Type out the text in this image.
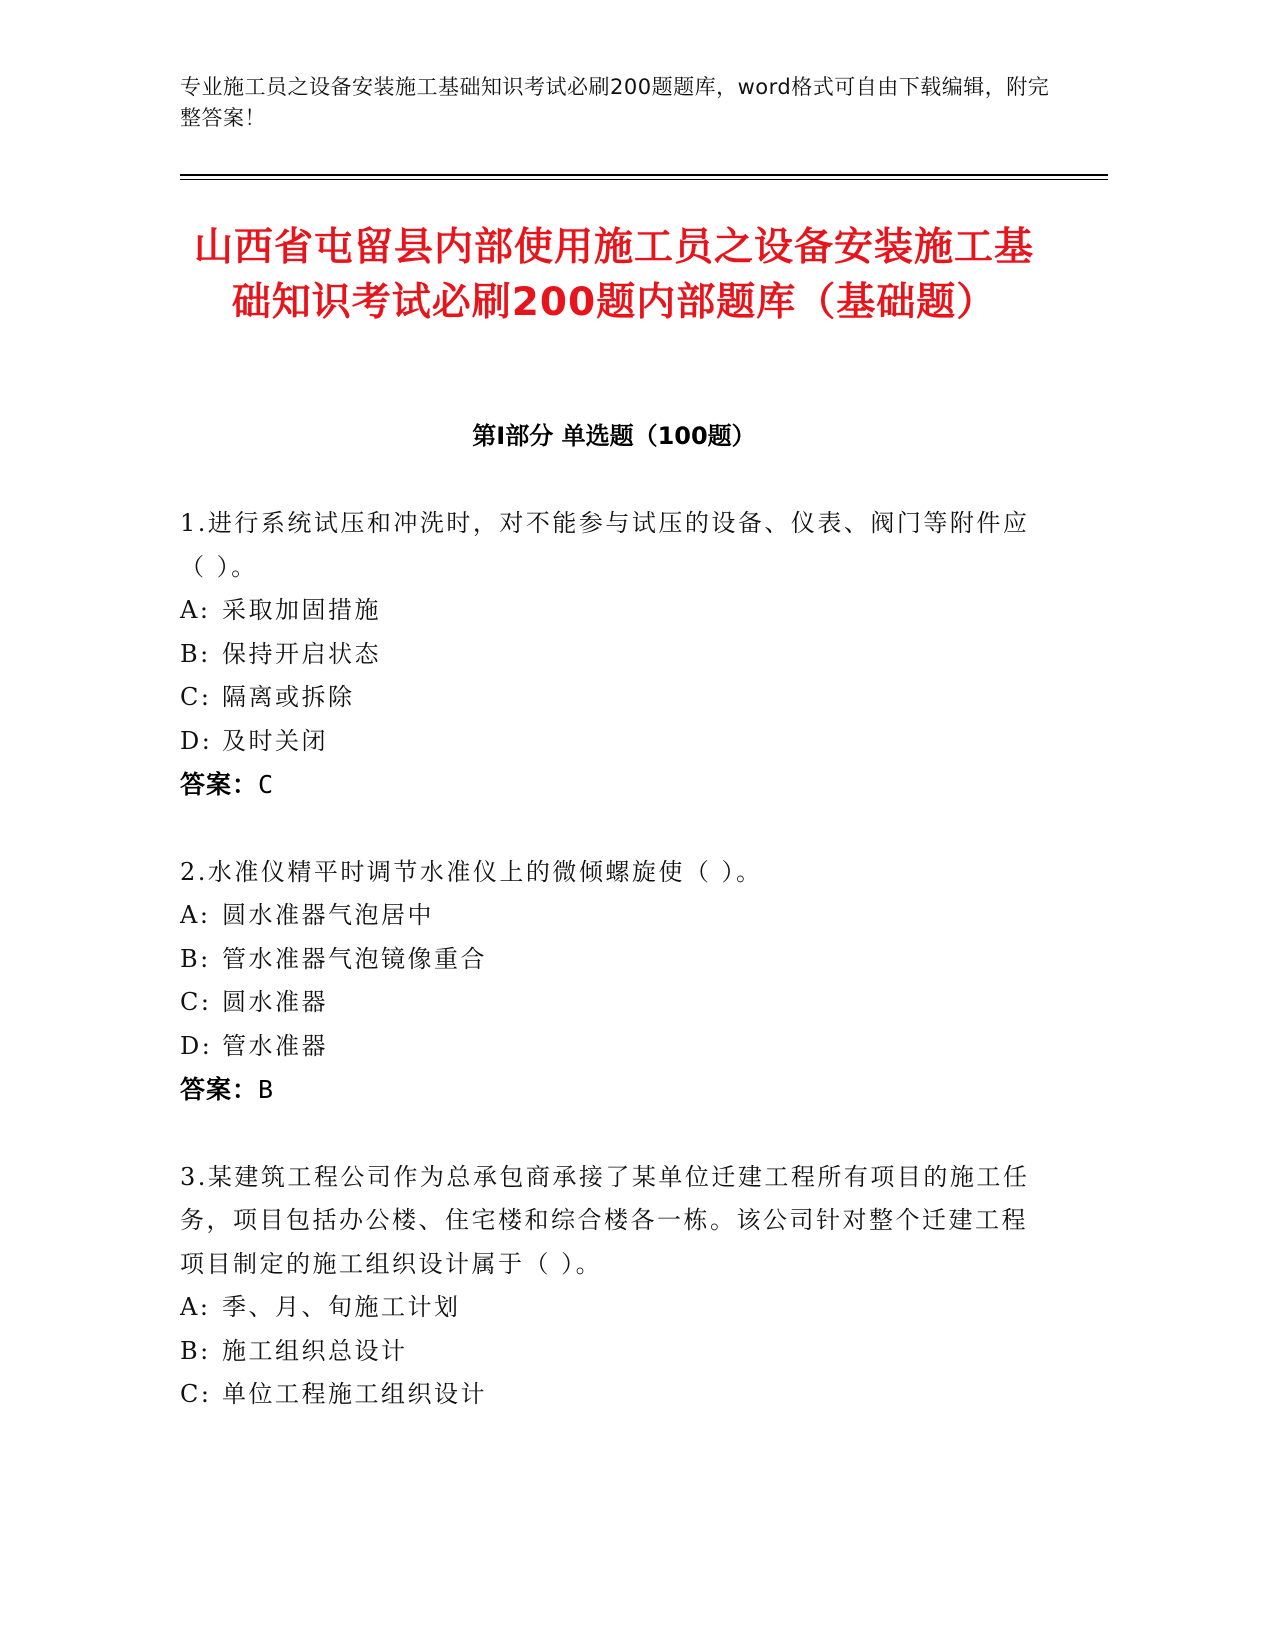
专业施工员之设备安装施工基础知识考试必刷200题题库，word格式可自由下载编辑，附完整答案！
山西省屯留县内部使用施工员之设备安装施工基础知识考试必刷200题内部题库（基础题）
第Ⅰ部分 单选题（100题）
1.进行系统试压和冲洗时，对不能参与试压的设备、仪表、阀门等附件应（ ）。
A: 采取加固措施
B: 保持开启状态
C: 隔离或拆除
D: 及时关闭
答案：C
2.水准仪精平时调节水准仪上的微倾螺旋使（ ）。
A: 圆水准器气泡居中
B: 管水准器气泡镜像重合
C: 圆水准器
D: 管水准器
答案：B
3.某建筑工程公司作为总承包商承接了某单位迁建工程所有项目的施工任务，项目包括办公楼、住宅楼和综合楼各一栋。该公司针对整个迁建工程项目制定的施工组织设计属于（ ）。
A: 季、月、旬施工计划
B: 施工组织总设计
C: 单位工程施工组织设计
